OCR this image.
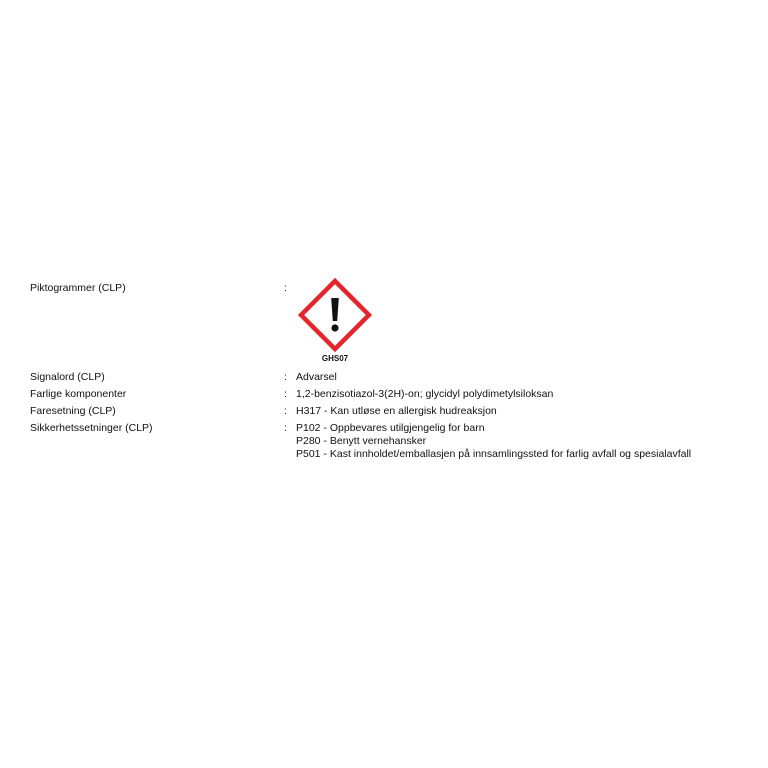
Piktogrammer (CLP)	:
GHS07
Signalord (CLP)	: Advarsel
Farlige komponenter	: 1,2-benzisotiazol-3(2H)-on; glycidyl polydimetylsiloksan
Faresetning (CLP)	: H317 - Kan utløse en allergisk hudreaksjon
Sikkerhetssetninger (CLP)	: P102 - Oppbevares utilgjengelig for barn
P280 - Benytt vernehansker
P501 - Kast innholdet/emballasjen på innsamlingssted for farlig avfall og spesialavfall
